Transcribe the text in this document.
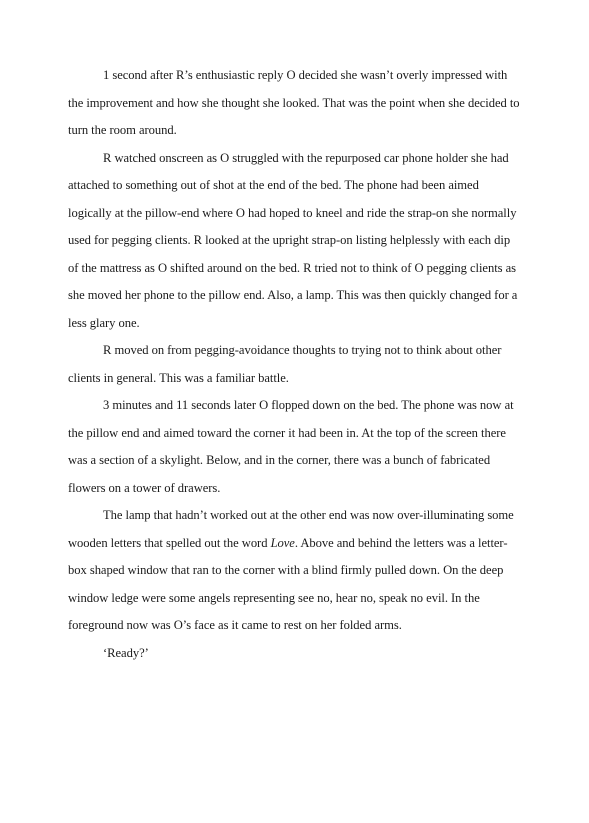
1 second after R’s enthusiastic reply O decided she wasn’t overly impressed with the improvement and how she thought she looked. That was the point when she decided to turn the room around.

R watched onscreen as O struggled with the repurposed car phone holder she had attached to something out of shot at the end of the bed. The phone had been aimed logically at the pillow-end where O had hoped to kneel and ride the strap-on she normally used for pegging clients. R looked at the upright strap-on listing helplessly with each dip of the mattress as O shifted around on the bed. R tried not to think of O pegging clients as she moved her phone to the pillow end. Also, a lamp. This was then quickly changed for a less glary one.

R moved on from pegging-avoidance thoughts to trying not to think about other clients in general. This was a familiar battle.

3 minutes and 11 seconds later O flopped down on the bed. The phone was now at the pillow end and aimed toward the corner it had been in. At the top of the screen there was a section of a skylight. Below, and in the corner, there was a bunch of fabricated flowers on a tower of drawers.

The lamp that hadn’t worked out at the other end was now over-illuminating some wooden letters that spelled out the word Love. Above and behind the letters was a letter-box shaped window that ran to the corner with a blind firmly pulled down. On the deep window ledge were some angels representing see no, hear no, speak no evil. In the foreground now was O’s face as it came to rest on her folded arms.

‘Ready?’
